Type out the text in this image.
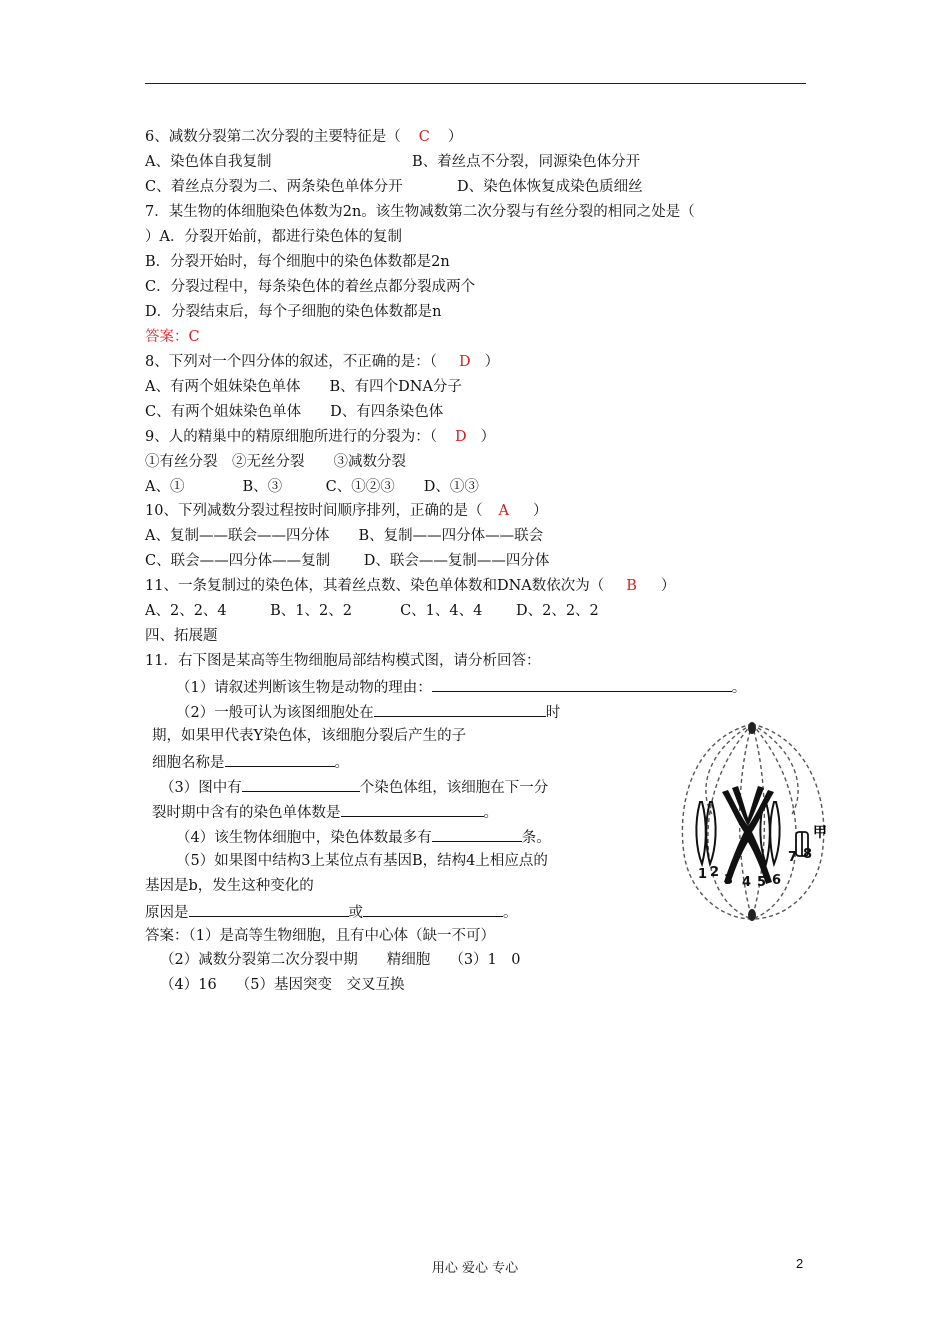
6、减数分裂第二次分裂的主要特征是（ C ）
A、染色体自我复制	B、着丝点不分裂，同源染色体分开
C、着丝点分裂为二、两条染色单体分开	D、染色体恢复成染色质细丝
7．某生物的体细胞染色体数为2n。该生物减数第二次分裂与有丝分裂的相同之处是（
）A．分裂开始前，都进行染色体的复制
B．分裂开始时，每个细胞中的染色体数都是2n
C．分裂过程中，每条染色体的着丝点都分裂成两个
D．分裂结束后，每个子细胞的染色体数都是n
答案：C
8、下列对一个四分体的叙述，不正确的是：（ D ）
A、有两个姐妹染色单体　　B、有四个DNA分子
C、有两个姐妹染色单体　　D、有四条染色体
9、人的精巢中的精原细胞所进行的分裂为：（ D ）
①有丝分裂　②无丝分裂　　③减数分裂
A、①　　　　B、③　　　C、①②③　　D、①③
10、下列减数分裂过程按时间顺序排列，正确的是（ A ）
A、复制——联会——四分体　　B、复制——四分体——联会
C、联会——四分体——复制　　 D、联会——复制——四分体
11、一条复制过的染色体，其着丝点数、染色单体数和DNA数依次为（ B ）
A、2、2、4　　　B、1、2、2　　　 C、1、4、4　　 D、2、2、2
四、拓展题
11．右下图是某高等生物细胞局部结构模式图，请分析回答：
（1）请叙述判断该生物是动物的理由：	。
（2）一般可认为该图细胞处在	时
期，如果甲代表Y染色体，该细胞分裂后产生的子
细胞名称是	。
（3）图中有	个染色体组，该细胞在下一分
裂时期中含有的染色单体数是	。
（4）该生物体细胞中，染色体数最多有	条。
（5）如果图中结构3上某位点有基因B，结构4上相应点的
基因是b，发生这种变化的
原因是	或	。
答案：（1）是高等生物细胞，且有中心体（缺一不可）
（2）减数分裂第二次分裂中期　　精细胞　 （3）1　0
（4）16　 （5）基因突变　交叉互换
甲
1 2
3 4 5 6
7 8
用心 爱心 专心	2
